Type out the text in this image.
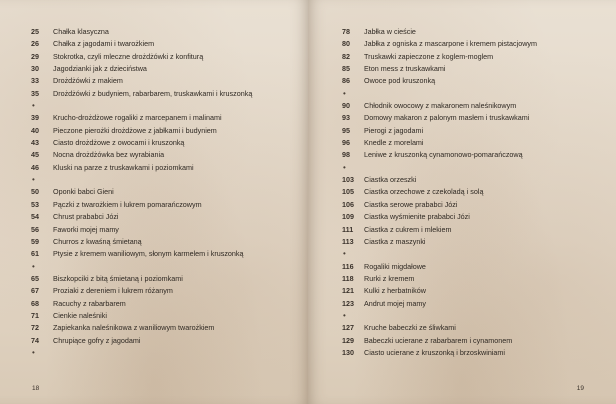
25	Chałka klasyczna
26	Chałka z jagodami i twarożkiem
29	Stokrotka, czyli mleczne drożdżówki z konfiturą
30	Jagodzianki jak z dzieciństwa
33	Drożdżówki z makiem
35	Drożdżówki z budyniem, rabarbarem, truskawkami i kruszonką
•
39	Krucho-drożdżowe rogaliki z marcepanem i malinami
40	Pieczone pierożki drożdżowe z jabłkami i budyniem
43	Ciasto drożdżowe z owocami i kruszonką
45	Nocna drożdżówka bez wyrabiania
46	Kluski na parze z truskawkami i poziomkami
•
50	Oponki babci Gieni
53	Pączki z twarożkiem i lukrem pomarańczowym
54	Chrust prababci Józi
56	Faworki mojej mamy
59	Churros z kwaśną śmietaną
61	Ptysie z kremem waniliowym, słonym karmelem i kruszonką
•
65	Biszkopciki z bitą śmietaną i poziomkami
67	Proziaki z dereniem i lukrem różanym
68	Racuchy z rabarbarem
71	Cienkie naleśniki
72	Zapiekanka naleśnikowa z waniliowym twarożkiem
74	Chrupiące gofry z jagodami
•
18
78	Jabłka w cieście
80	Jabłka z ogniska z mascarpone i kremem pistacjowym
82	Truskawki zapieczone z koglem-moglem
85	Eton mess z truskawkami
86	Owoce pod kruszonką
•
90	Chłodnik owocowy z makaronem naleśnikowym
93	Domowy makaron z palonym masłem i truskawkami
95	Pierogi z jagodami
96	Knedle z morelami
98	Leniwe z kruszonką cynamonowo-pomarańczową
•
103	Ciastka orzeszki
105	Ciastka orzechowe z czekoladą i solą
106	Ciastka serowe prababci Józi
109	Ciastka wyśmienite prababci Józi
111	Ciastka z cukrem i mlekiem
113	Ciastka z maszynki
•
116	Rogaliki migdałowe
118	Rurki z kremem
121	Kulki z herbatników
123	Andrut mojej mamy
•
127	Kruche babeczki ze śliwkami
129	Babeczki ucierane z rabarbarem i cynamonem
130	Ciasto ucierane z kruszonką i brzoskwiniami
19
